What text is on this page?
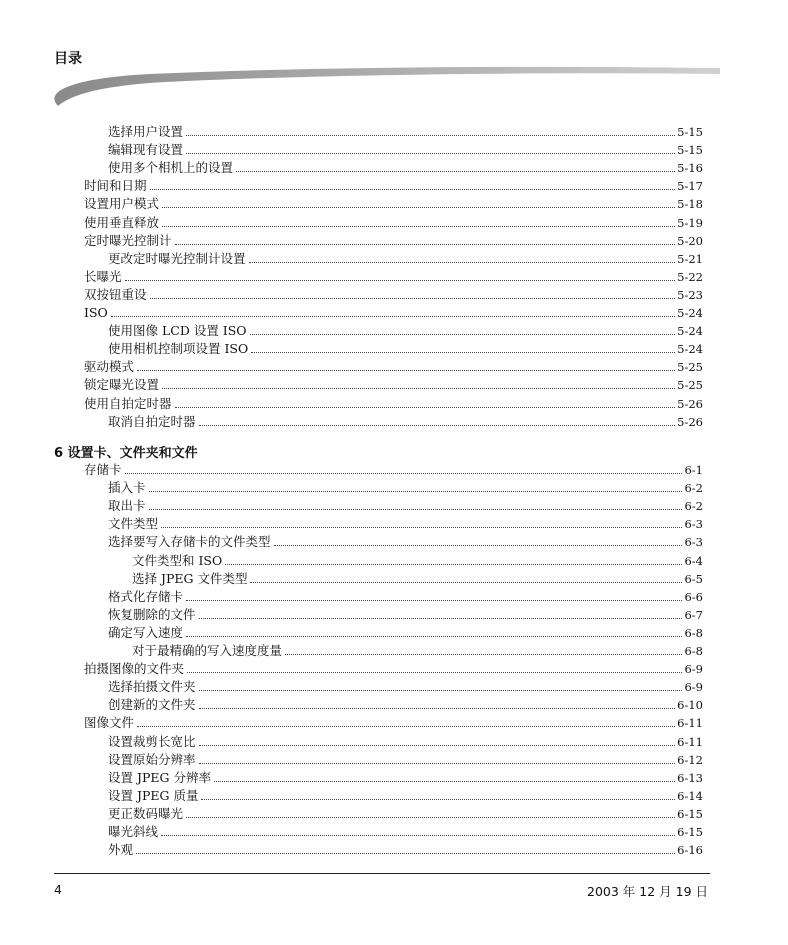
目录
选择用户设置	5-15
编辑现有设置	5-15
使用多个相机上的设置	5-16
时间和日期	5-17
设置用户模式	5-18
使用垂直释放	5-19
定时曝光控制计	5-20
更改定时曝光控制计设置	5-21
长曝光	5-22
双按钮重设	5-23
ISO	5-24
使用图像 LCD 设置 ISO	5-24
使用相机控制项设置 ISO	5-24
驱动模式	5-25
锁定曝光设置	5-25
使用自拍定时器	5-26
取消自拍定时器	5-26
6 设置卡、文件夹和文件
存储卡	6-1
插入卡	6-2
取出卡	6-2
文件类型	6-3
选择要写入存储卡的文件类型	6-3
文件类型和 ISO	6-4
选择 JPEG 文件类型	6-5
格式化存储卡	6-6
恢复删除的文件	6-7
确定写入速度	6-8
对于最精确的写入速度度量	6-8
拍摄图像的文件夹	6-9
选择拍摄文件夹	6-9
创建新的文件夹	6-10
图像文件	6-11
设置裁剪长宽比	6-11
设置原始分辨率	6-12
设置 JPEG 分辨率	6-13
设置 JPEG 质量	6-14
更正数码曝光	6-15
曝光斜线	6-15
外观	6-16
4	2003 年 12 月 19 日
